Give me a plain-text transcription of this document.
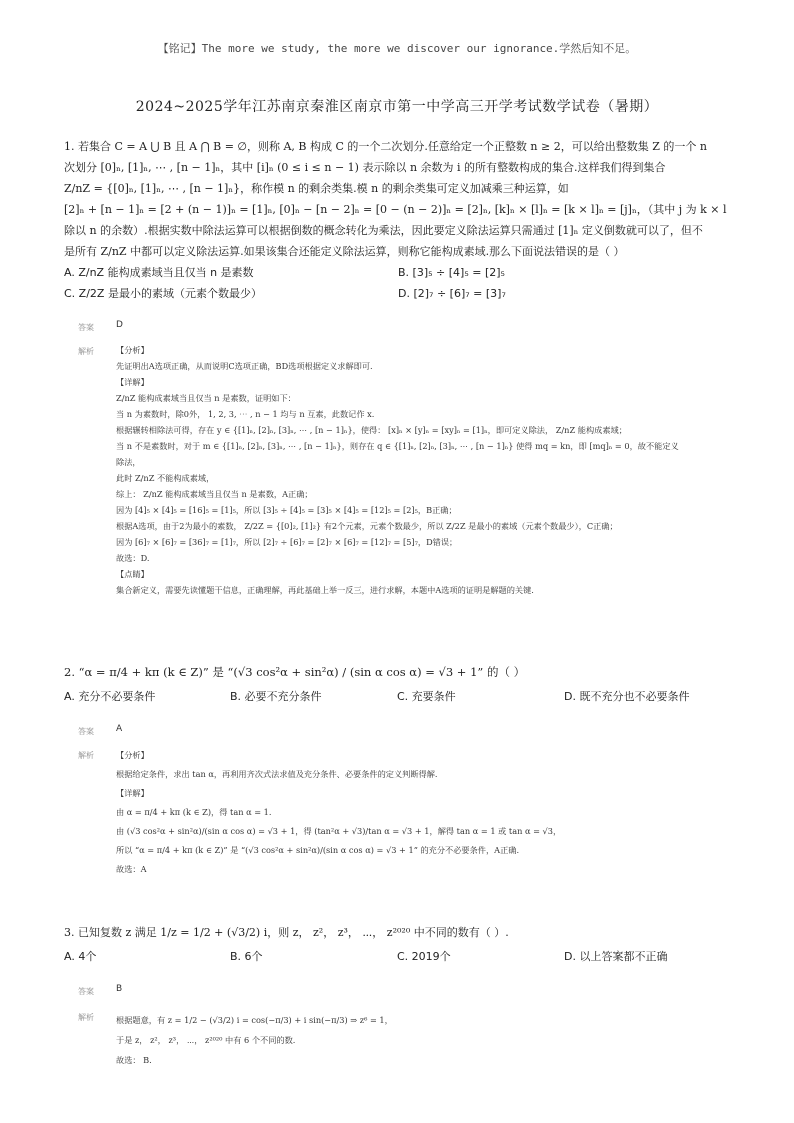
【铭记】The more we study, the more we discover our ignorance.学然后知不足。
2024~2025学年江苏南京秦淮区南京市第一中学高三开学考试数学试卷（暑期）
1. 若集合 C = A ⋃ B 且 A ⋂ B = ∅，则称 A, B 构成 C 的一个二次划分.任意给定一个正整数 n ≥ 2，可以给出整数集 Z 的一个 n
次划分 [0]ₙ, [1]ₙ, ⋯ , [n − 1]ₙ，其中 [i]ₙ (0 ≤ i ≤ n − 1) 表示除以 n 余数为 i 的所有整数构成的集合.这样我们得到集合
Z/nZ = {[0]ₙ, [1]ₙ, ⋯ , [n − 1]ₙ}，称作模 n 的剩余类集.模 n 的剩余类集可定义加减乘三种运算，如
[2]ₙ + [n − 1]ₙ = [2 + (n − 1)]ₙ = [1]ₙ, [0]ₙ − [n − 2]ₙ = [0 − (n − 2)]ₙ = [2]ₙ, [k]ₙ × [l]ₙ = [k × l]ₙ = [j]ₙ，（其中 j 为 k × l
除以 n 的余数）.根据实数中除法运算可以根据倒数的概念转化为乘法，因此要定义除法运算只需通过 [1]ₙ 定义倒数就可以了，但不
是所有 Z/nZ 中都可以定义除法运算.如果该集合还能定义除法运算，则称它能构成素域.那么下面说法错误的是（ ）
A. Z/nZ 能构成素域当且仅当 n 是素数	B. [3]₅ ÷ [4]₅ = [2]₅
C. Z/2Z 是最小的素域（元素个数最少）	D. [2]₇ ÷ [6]₇ = [3]₇
答案 D
解析	【分析】
先证明出A选项正确，从而说明C选项正确，BD选项根据定义求解即可.
【详解】
Z/nZ 能构成素域当且仅当 n 是素数，证明如下：
当 n 为素数时，除0外， 1, 2, 3, ⋯ , n − 1 均与 n 互素，此数记作 x.
根据辗转相除法可得，存在 y ∈ {[1]ₙ, [2]ₙ, [3]ₙ, ⋯ , [n − 1]ₙ}，使得： [x]ₙ × [y]ₙ = [xy]ₙ = [1]ₙ，即可定义除法， Z/nZ 能构成素域；
当 n 不是素数时，对于 m ∈ {[1]ₙ, [2]ₙ, [3]ₙ, ⋯ , [n − 1]ₙ}，则存在 q ∈ {[1]ₙ, [2]ₙ, [3]ₙ, ⋯ , [n − 1]ₙ} 使得 mq = kn，即 [mq]ₙ = 0，故不能定义
除法，
此时 Z/nZ 不能构成素域，
综上： Z/nZ 能构成素域当且仅当 n 是素数，A正确；
因为 [4]₅ × [4]₅ = [16]₅ = [1]₅，所以 [3]₅ ÷ [4]₅ = [3]₅ × [4]₅ = [12]₅ = [2]₅，B正确；
根据A选项，由于2为最小的素数， Z/2Z = {[0]₂, [1]₂} 有2个元素，元素个数最少，所以 Z/2Z 是最小的素域（元素个数最少），C正确；
因为 [6]₇ × [6]₇ = [36]₇ = [1]₇，所以 [2]₇ ÷ [6]₇ = [2]₇ × [6]₇ = [12]₇ = [5]₇，D错误；
故选：D.
【点睛】
集合新定义，需要先读懂题干信息，正确理解，再此基础上举一反三，进行求解，本题中A选项的证明是解题的关键.
2. “α = π/4 + kπ (k ∈ Z)” 是 “(√3 cos²α + sin²α) / (sin α cos α) = √3 + 1” 的（ ）
A. 充分不必要条件	B. 必要不充分条件	C. 充要条件	D. 既不充分也不必要条件
答案 A
解析	【分析】
根据给定条件，求出 tan α，再利用齐次式法求值及充分条件、必要条件的定义判断得解.
【详解】
由 α = π/4 + kπ (k ∈ Z)，得 tan α = 1.
由 (√3 cos²α + sin²α)/(sin α cos α) = √3 + 1，得 (tan²α + √3)/tan α = √3 + 1，解得 tan α = 1 或 tan α = √3，
所以 “α = π/4 + kπ (k ∈ Z)” 是 “(√3 cos²α + sin²α)/(sin α cos α) = √3 + 1” 的充分不必要条件，A正确.
故选：A
3. 已知复数 z 满足 1/z = 1/2 + (√3/2) i，则 z， z²， z³， ⋯， z²⁰²⁰ 中不同的数有（ ）.
A. 4个	B. 6个	C. 2019个	D. 以上答案都不正确
答案 B
解析	根据题意，有 z = 1/2 − (√3/2) i = cos(−π/3) + i sin(−π/3) ⇒ z⁶ = 1，
于是 z， z²， z³， ⋯， z²⁰²⁰ 中有 6 个不同的数.
故选： B.
